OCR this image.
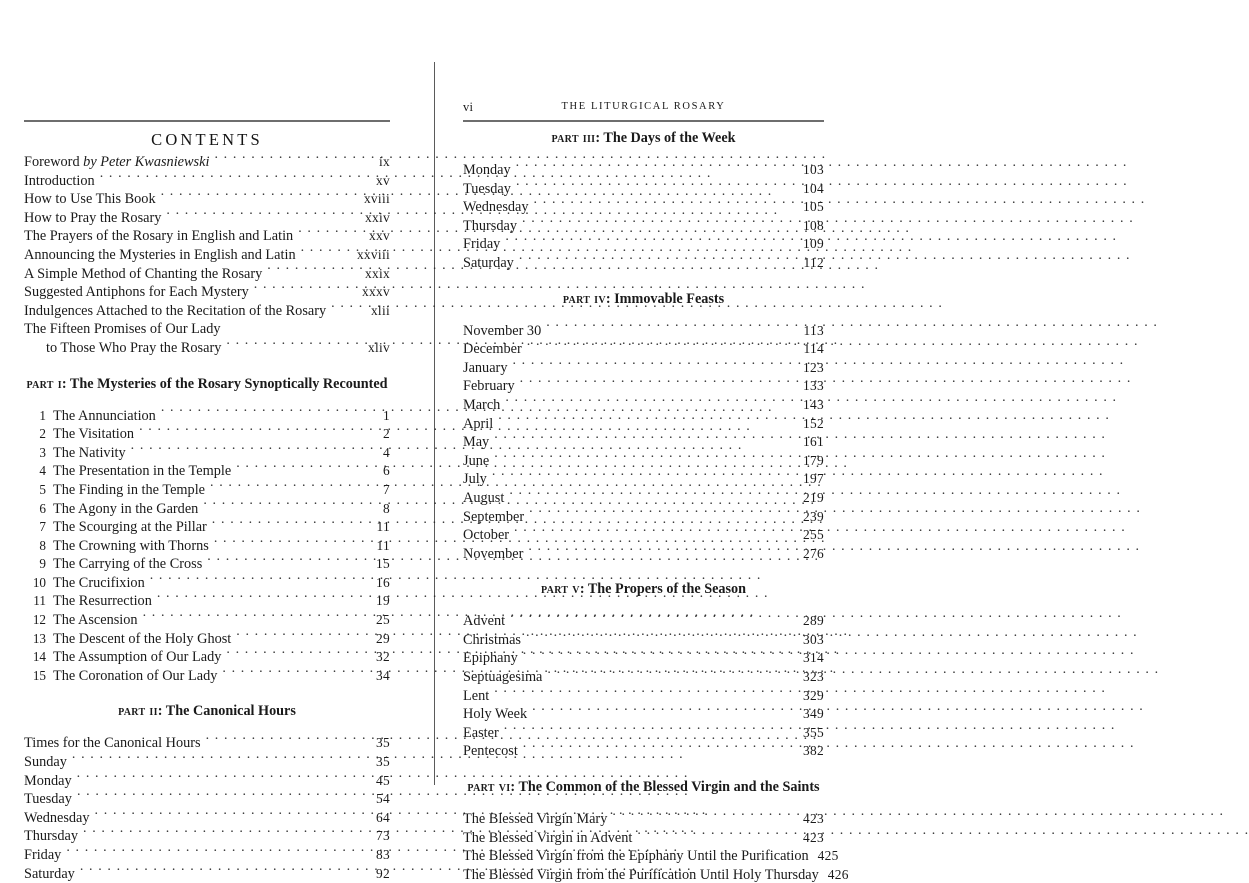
vi	THE LITURGICAL ROSARY
CONTENTS
Foreword by Peter Kwasniewski . . .	ix
Introduction . . .	xv
How to Use This Book . . .	xviii
How to Pray the Rosary . . .	xxiv
The Prayers of the Rosary in English and Latin . . .	xxv
Announcing the Mysteries in English and Latin . . .	xxviii
A Simple Method of Chanting the Rosary . . .	xxix
Suggested Antiphons for Each Mystery . . .	xxxv
Indulgences Attached to the Recitation of the Rosary . . .	xlii
The Fifteen Promises of Our Lady
to Those Who Pray the Rosary . . .	xliv
part i: The Mysteries of the Rosary Synoptically Recounted
1 The Annunciation . . .	1
2 The Visitation . . .	2
3 The Nativity . . .	4
4 The Presentation in the Temple . . .	6
5 The Finding in the Temple . . .	7
6 The Agony in the Garden . . .	8
7 The Scourging at the Pillar . . .	11
8 The Crowning with Thorns . . .	11
9 The Carrying of the Cross . . .	15
10 The Crucifixion . . .	16
11 The Resurrection . . .	19
12 The Ascension . . .	25
13 The Descent of the Holy Ghost . . .	29
14 The Assumption of Our Lady . . .	32
15 The Coronation of Our Lady . . .	34
part ii: The Canonical Hours
Times for the Canonical Hours . . .	35
Sunday . . .	35
Monday . . .	45
Tuesday . . .	54
Wednesday . . .	64
Thursday . . .	73
Friday . . .	83
Saturday . . .	92
part iii: The Days of the Week
Monday . . .	103
Tuesday . . .	104
Wednesday . . .	105
Thursday . . .	108
Friday . . .	109
Saturday . . .	112
part iv: Immovable Feasts
November 30 . . .	113
December . . .	114
January . . .	123
February . . .	133
March . . .	143
April . . .	152
May . . .	161
June . . .	179
July . . .	197
August . . .	219
September . . .	239
October . . .	255
November . . .	276
part v: The Propers of the Season
Advent . . .	289
Christmas . . .	303
Epiphany . . .	314
Septuagesima . . .	323
Lent . . .	329
Holy Week . . .	349
Easter . . .	355
Pentecost . . .	382
part vi: The Common of the Blessed Virgin and the Saints
The Blessed Virgin Mary . . .	423
The Blessed Virgin in Advent . . .	423
The Blessed Virgin from the Epiphany Until the Purification 425
The Blessed Virgin from the Purification Until Holy Thursday 426
